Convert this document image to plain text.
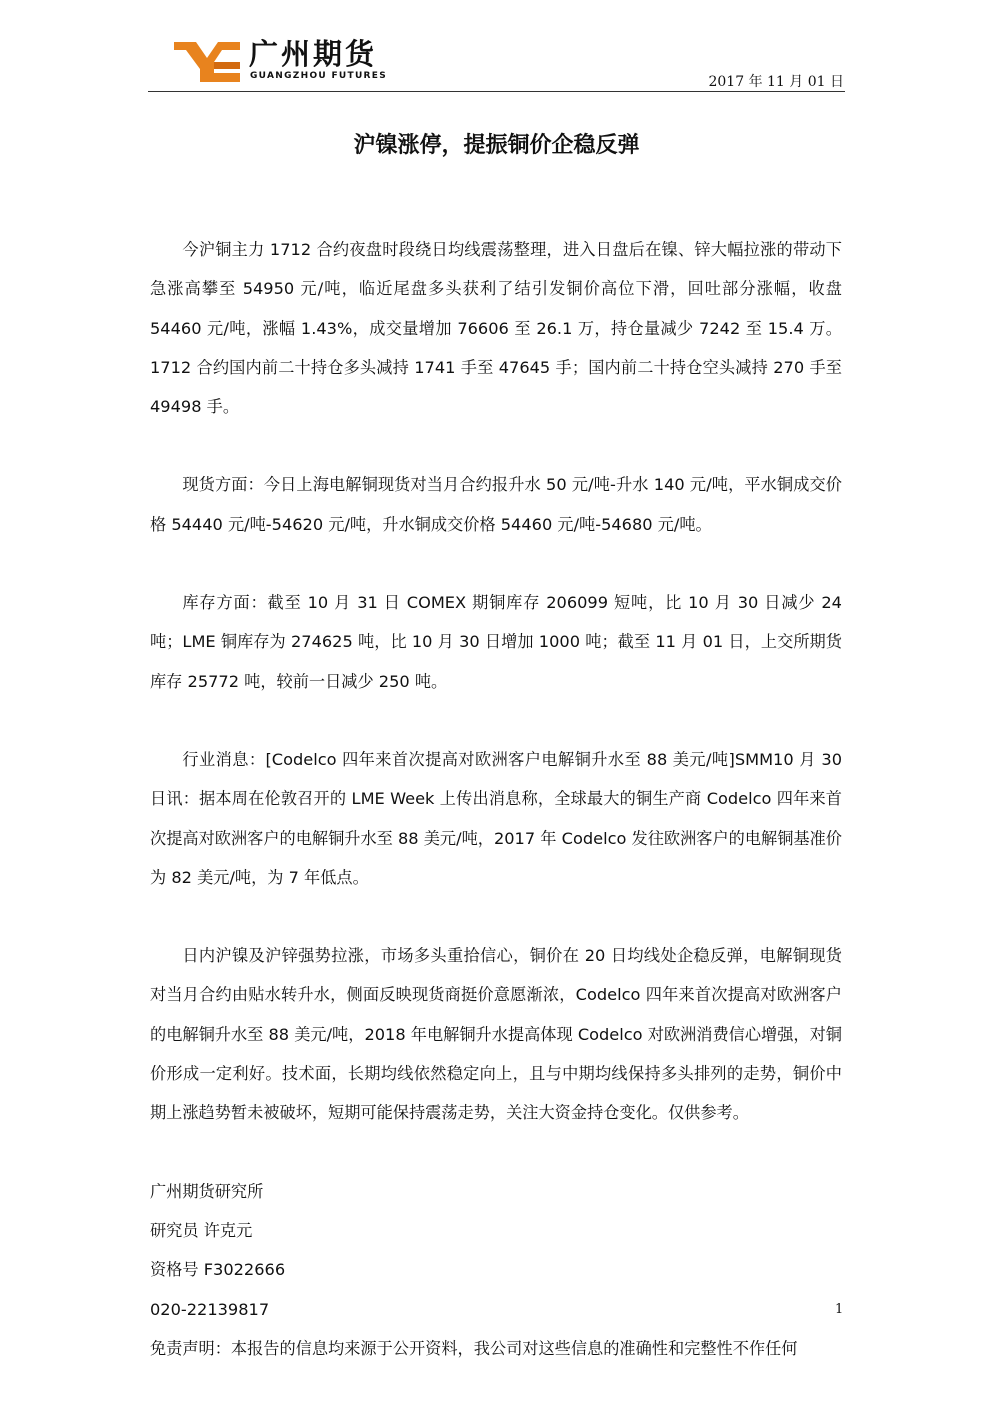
广州期货
GUANGZHOU FUTURES	2017 年 11 月 01 日
沪镍涨停，提振铜价企稳反弹

今沪铜主力 1712 合约夜盘时段绕日均线震荡整理，进入日盘后在镍、锌大幅拉涨的带动下急涨高攀至 54950 元/吨，临近尾盘多头获利了结引发铜价高位下滑，回吐部分涨幅，收盘 54460 元/吨，涨幅 1.43%，成交量增加 76606 至 26.1 万，持仓量减少 7242 至 15.4 万。1712 合约国内前二十持仓多头减持 1741 手至 47645 手；国内前二十持仓空头减持 270 手至 49498 手。

现货方面：今日上海电解铜现货对当月合约报升水 50 元/吨-升水 140 元/吨，平水铜成交价格 54440 元/吨-54620 元/吨，升水铜成交价格 54460 元/吨-54680 元/吨。

库存方面：截至 10 月 31 日 COMEX 期铜库存 206099 短吨，比 10 月 30 日减少 24 吨；LME 铜库存为 274625 吨，比 10 月 30 日增加 1000 吨；截至 11 月 01 日，上交所期货库存 25772 吨，较前一日减少 250 吨。

行业消息：[Codelco 四年来首次提高对欧洲客户电解铜升水至 88 美元/吨]SMM10 月 30 日讯：据本周在伦敦召开的 LME Week 上传出消息称，全球最大的铜生产商 Codelco 四年来首次提高对欧洲客户的电解铜升水至 88 美元/吨，2017 年 Codelco 发往欧洲客户的电解铜基准价为 82 美元/吨，为 7 年低点。

日内沪镍及沪锌强势拉涨，市场多头重拾信心，铜价在 20 日均线处企稳反弹，电解铜现货对当月合约由贴水转升水，侧面反映现货商挺价意愿渐浓，Codelco 四年来首次提高对欧洲客户的电解铜升水至 88 美元/吨，2018 年电解铜升水提高体现 Codelco 对欧洲消费信心增强，对铜价形成一定利好。技术面，长期均线依然稳定向上，且与中期均线保持多头排列的走势，铜价中期上涨趋势暂未被破坏，短期可能保持震荡走势，关注大资金持仓变化。仅供参考。

广州期货研究所

研究员 许克元

资格号 F3022666

020-22139817

免责声明：本报告的信息均来源于公开资料，我公司对这些信息的准确性和完整性不作任何

1
